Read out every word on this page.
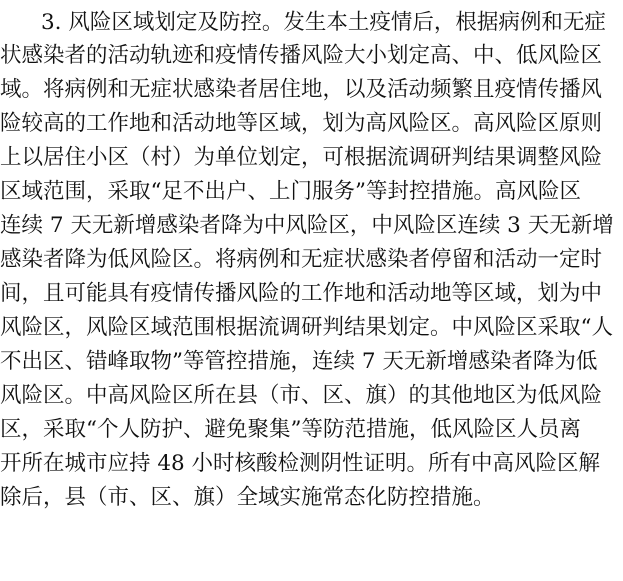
3. 风险区域划定及防控。发生本土疫情后，根据病例和无症
状感染者的活动轨迹和疫情传播风险大小划定高、中、低风险区
域。将病例和无症状感染者居住地，以及活动频繁且疫情传播风
险较高的工作地和活动地等区域，划为高风险区。高风险区原则
上以居住小区（村）为单位划定，可根据流调研判结果调整风险
区域范围，采取“足不出户、上门服务”等封控措施。高风险区
连续 7 天无新增感染者降为中风险区，中风险区连续 3 天无新增
感染者降为低风险区。将病例和无症状感染者停留和活动一定时
间，且可能具有疫情传播风险的工作地和活动地等区域，划为中
风险区，风险区域范围根据流调研判结果划定。中风险区采取“人
不出区、错峰取物”等管控措施，连续 7 天无新增感染者降为低
风险区。中高风险区所在县（市、区、旗）的其他地区为低风险
区，采取“个人防护、避免聚集”等防范措施，低风险区人员离
开所在城市应持 48 小时核酸检测阴性证明。所有中高风险区解
除后，县（市、区、旗）全域实施常态化防控措施。
